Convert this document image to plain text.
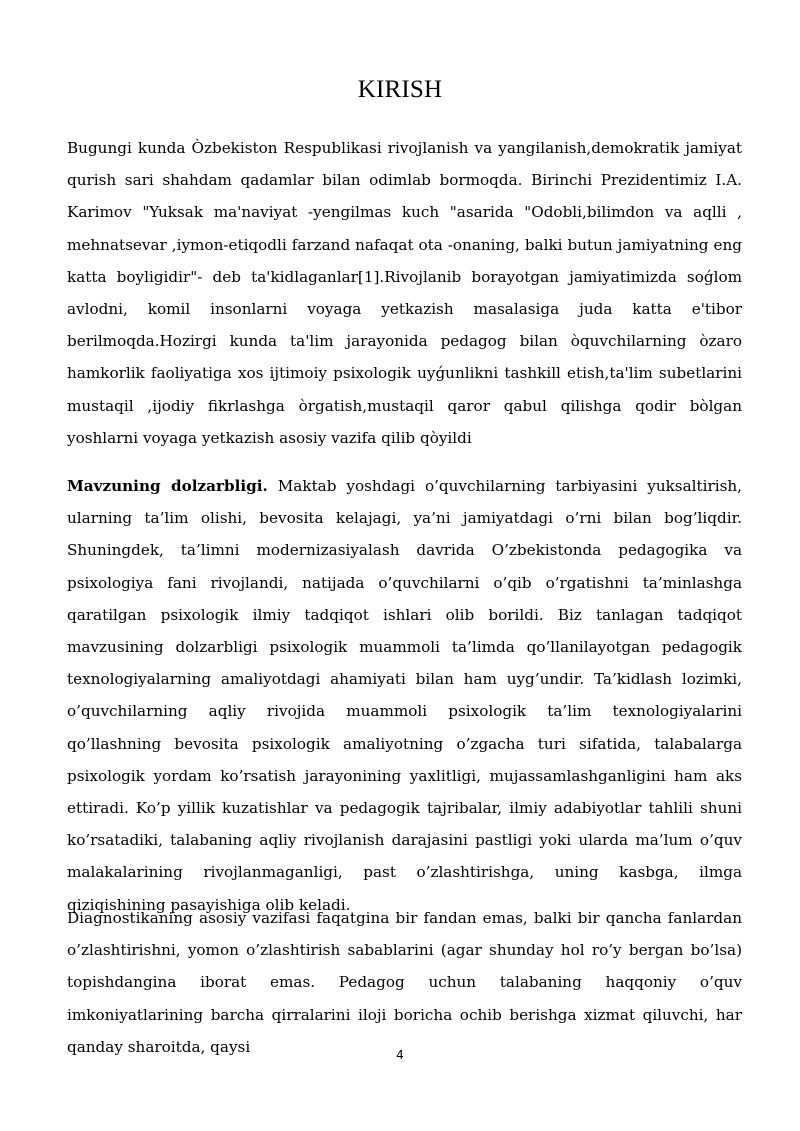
KIRISH

Bugungi kunda Òzbekiston Respublikasi rivojlanish va yangilanish,demokratik jamiyat qurish sari shahdam qadamlar bilan odimlab bormoqda. Birinchi Prezidentimiz I.A. Karimov "Yuksak ma'naviyat -yengilmas kuch "asarida "Odobli,bilimdon va aqlli , mehnatsevar ,iymon-etiqodli farzand nafaqat ota -onaning, balki butun jamiyatning eng katta boyligidir"- deb ta'kidlaganlar[1].Rivojlanib borayotgan jamiyatimizda soǵlom avlodni, komil insonlarni voyaga yetkazish masalasiga juda katta e'tibor berilmoqda.Hozirgi kunda ta'lim jarayonida pedagog bilan òquvchilarning òzaro hamkorlik faoliyatiga xos ijtimoiy psixologik uyǵunlikni tashkill etish,ta'lim subetlarini mustaqil ,ijodiy fikrlashga òrgatish,mustaqil qaror qabul qilishga qodir bòlgan yoshlarni voyaga yetkazish asosiy vazifa qilib qòyildi

Mavzuning dolzarbligi. Maktab yoshdagi o’quvchilarning tarbiyasini yuksaltirish, ularning ta’lim olishi, bevosita kelajagi, ya’ni jamiyatdagi o’rni bilan bog’liqdir. Shuningdek, ta’limni modernizasiyalash davrida O’zbekistonda pedagogika va psixologiya fani rivojlandi, natijada o’quvchilarni o’qib o’rgatishni ta’minlashga qaratilgan psixologik ilmiy tadqiqot ishlari olib borildi. Biz tanlagan tadqiqot mavzusining dolzarbligi psixologik muammoli ta’limda qo’llanilayotgan pedagogik texnologiyalarning amaliyotdagi ahamiyati bilan ham uyg’undir. Ta’kidlash lozimki, o’quvchilarning aqliy rivojida muammoli psixologik ta’lim texnologiyalarini qo’llashning bevosita psixologik amaliyotning o’zgacha turi sifatida, talabalarga psixologik yordam ko’rsatish jarayonining yaxlitligi, mujassamlashganligini ham aks ettiradi. Ko’p yillik kuzatishlar va pedagogik tajribalar, ilmiy adabiyotlar tahlili shuni ko’rsatadiki, talabaning aqliy rivojlanish darajasini pastligi yoki ularda ma’lum o’quv malakalarining rivojlanmaganligi, past o’zlashtirishga, uning kasbga, ilmga qiziqishining pasayishiga olib keladi.

Diagnostikaning asosiy vazifasi faqatgina bir fandan emas, balki bir qancha fanlardan o’zlashtirishni, yomon o’zlashtirish sabablarini (agar shunday hol ro’y bergan bo’lsa) topishdangina iborat emas. Pedagog uchun talabaning haqqoniy o’quv imkoniyatlarining barcha qirralarini iloji boricha ochib berishga xizmat qiluvchi, har qanday sharoitda, qaysi	4
